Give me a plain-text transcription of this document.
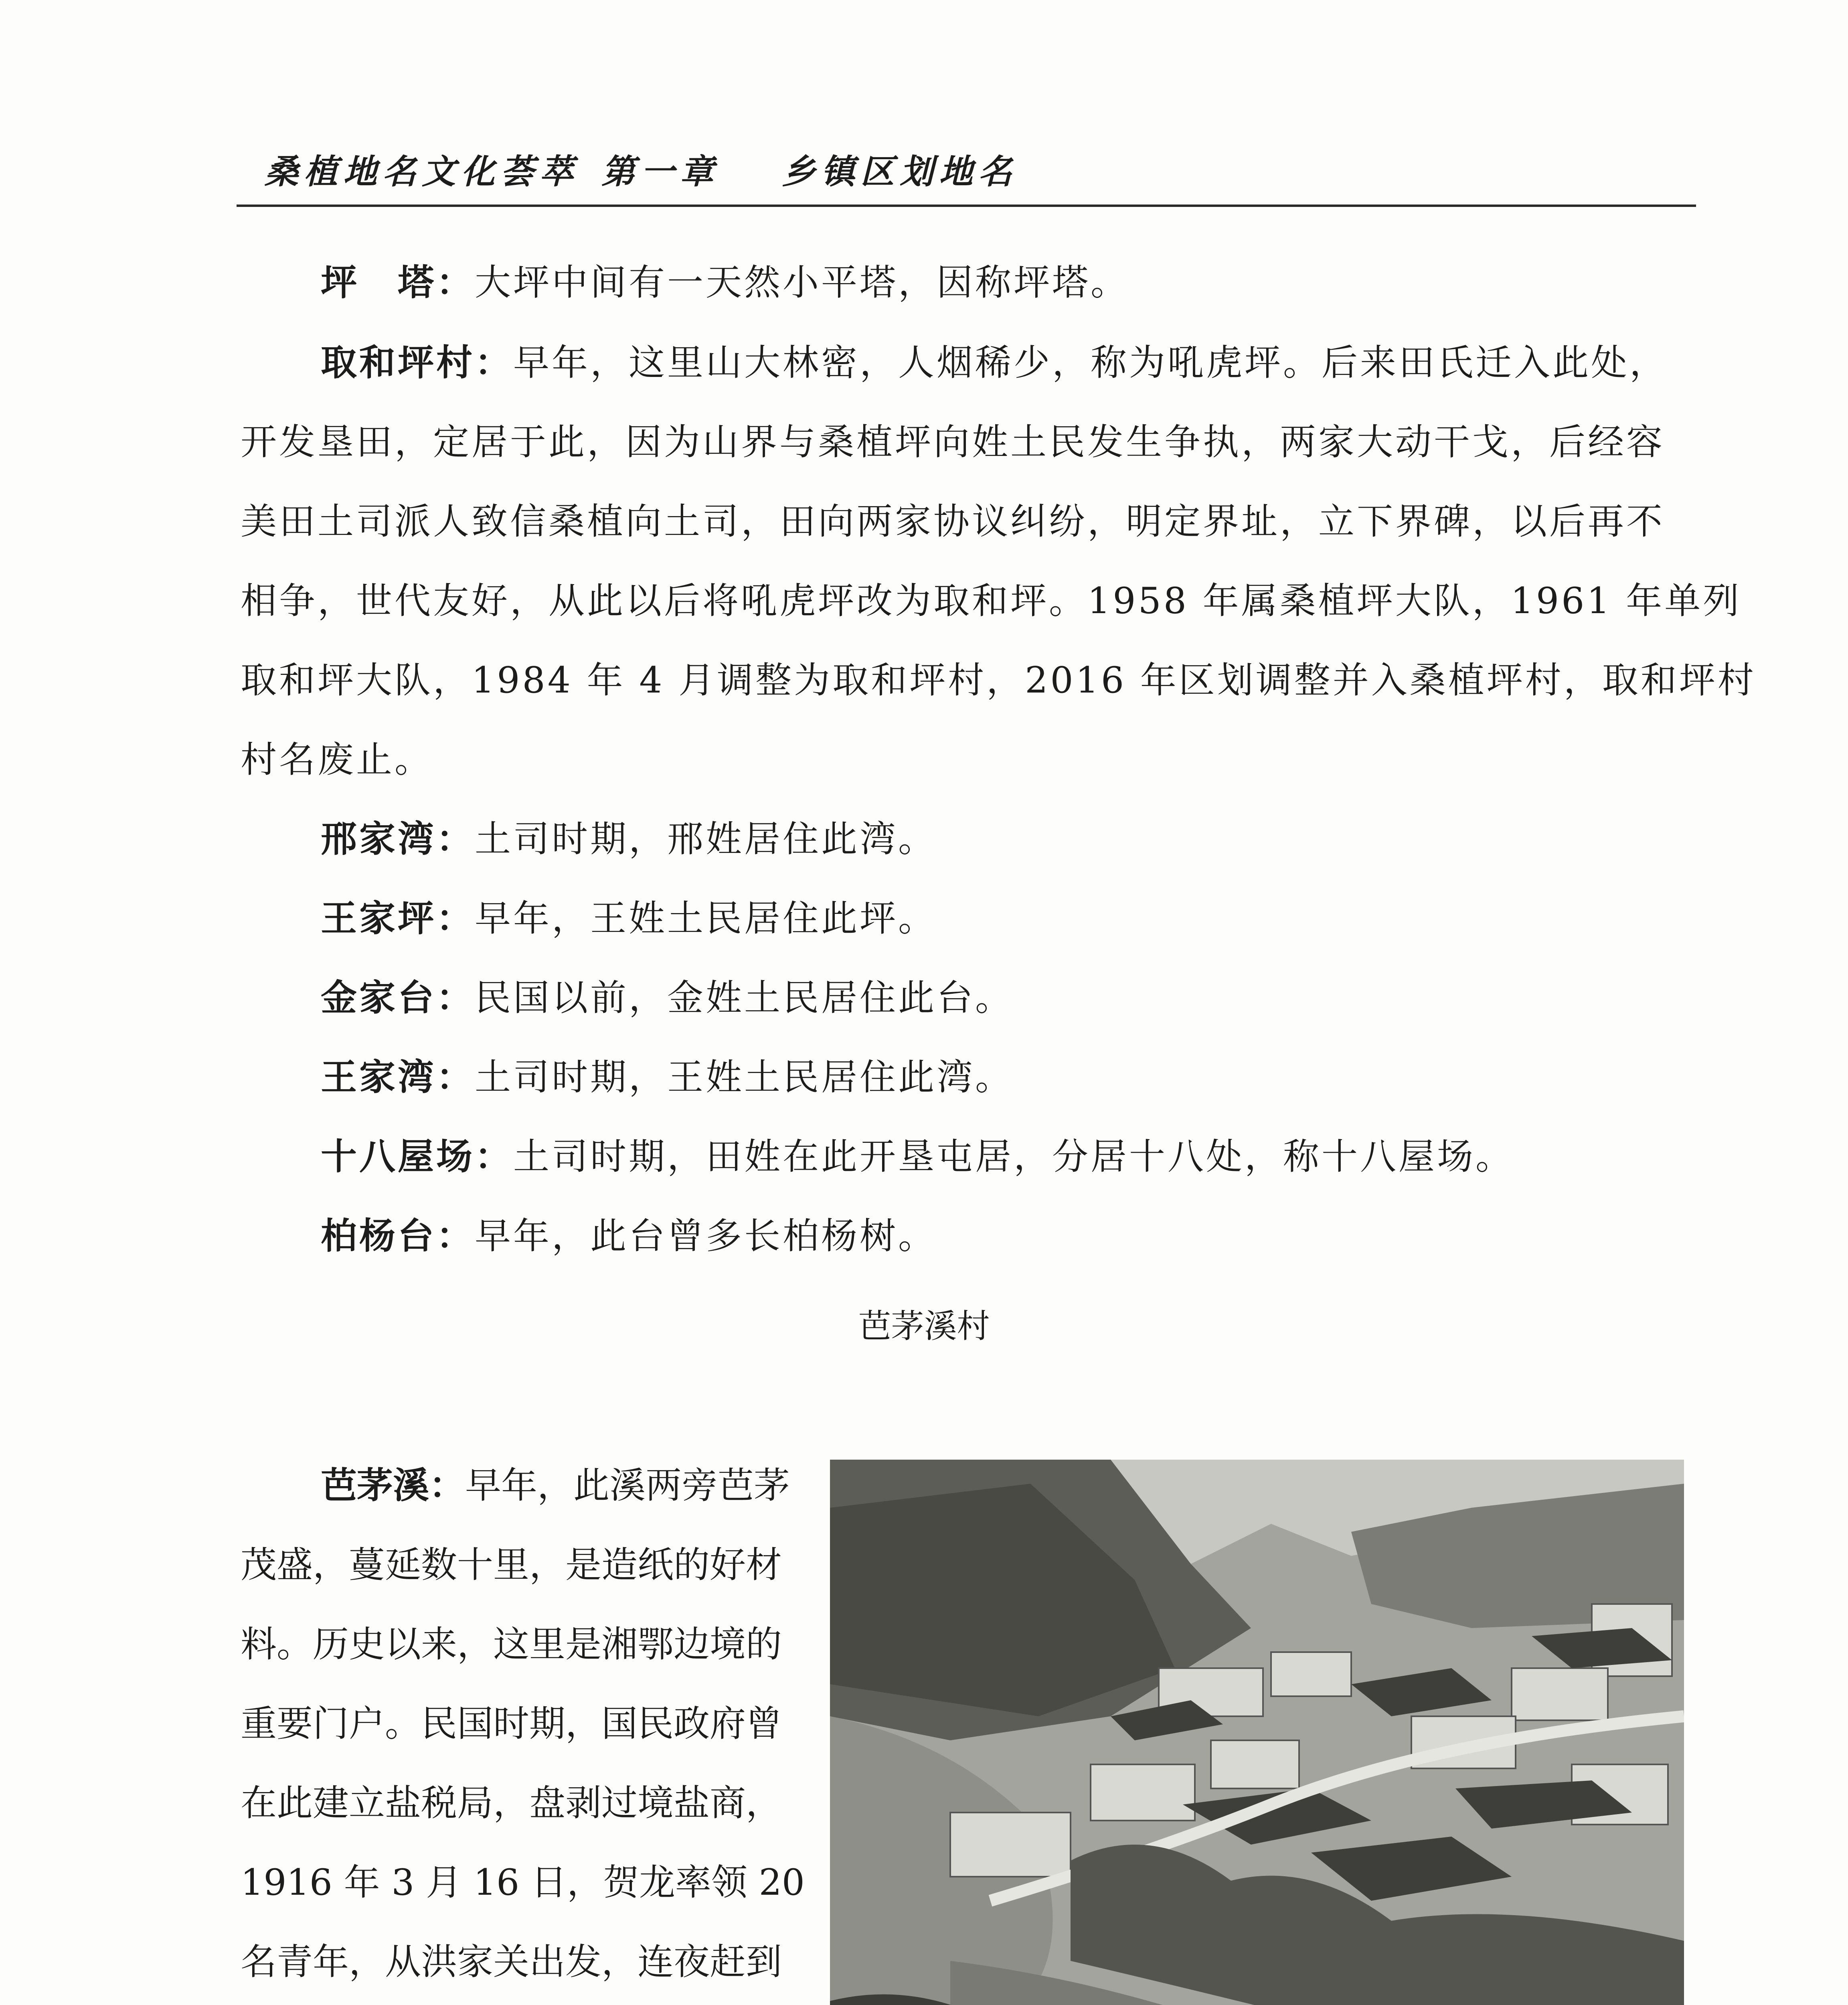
桑植地名文化荟萃 第一章 乡镇区划地名
坪　塔：大坪中间有一天然小平塔，因称坪塔。
取和坪村：早年，这里山大林密，人烟稀少，称为吼虎坪。后来田氏迁入此处，
开发垦田，定居于此，因为山界与桑植坪向姓土民发生争执，两家大动干戈，后经容
美田土司派人致信桑植向土司，田向两家协议纠纷，明定界址，立下界碑，以后再不
相争，世代友好，从此以后将吼虎坪改为取和坪。1958 年属桑植坪大队，1961 年单列
取和坪大队，1984 年 4 月调整为取和坪村，2016 年区划调整并入桑植坪村，取和坪村
村名废止。
邢家湾：土司时期，邢姓居住此湾。
王家坪：早年，王姓土民居住此坪。
金家台：民国以前，金姓土民居住此台。
王家湾：土司时期，王姓土民居住此湾。
十八屋场：土司时期，田姓在此开垦屯居，分居十八处，称十八屋场。
柏杨台：早年，此台曾多长柏杨树。
芭茅溪村
芭茅溪：早年，此溪两旁芭茅
茂盛，蔓延数十里，是造纸的好材
料。历史以来，这里是湘鄂边境的
重要门户。民国时期，国民政府曾
在此建立盐税局，盘剥过境盐商，
1916 年 3 月 16 日，贺龙率领 20
名青年，从洪家关出发，连夜赶到
